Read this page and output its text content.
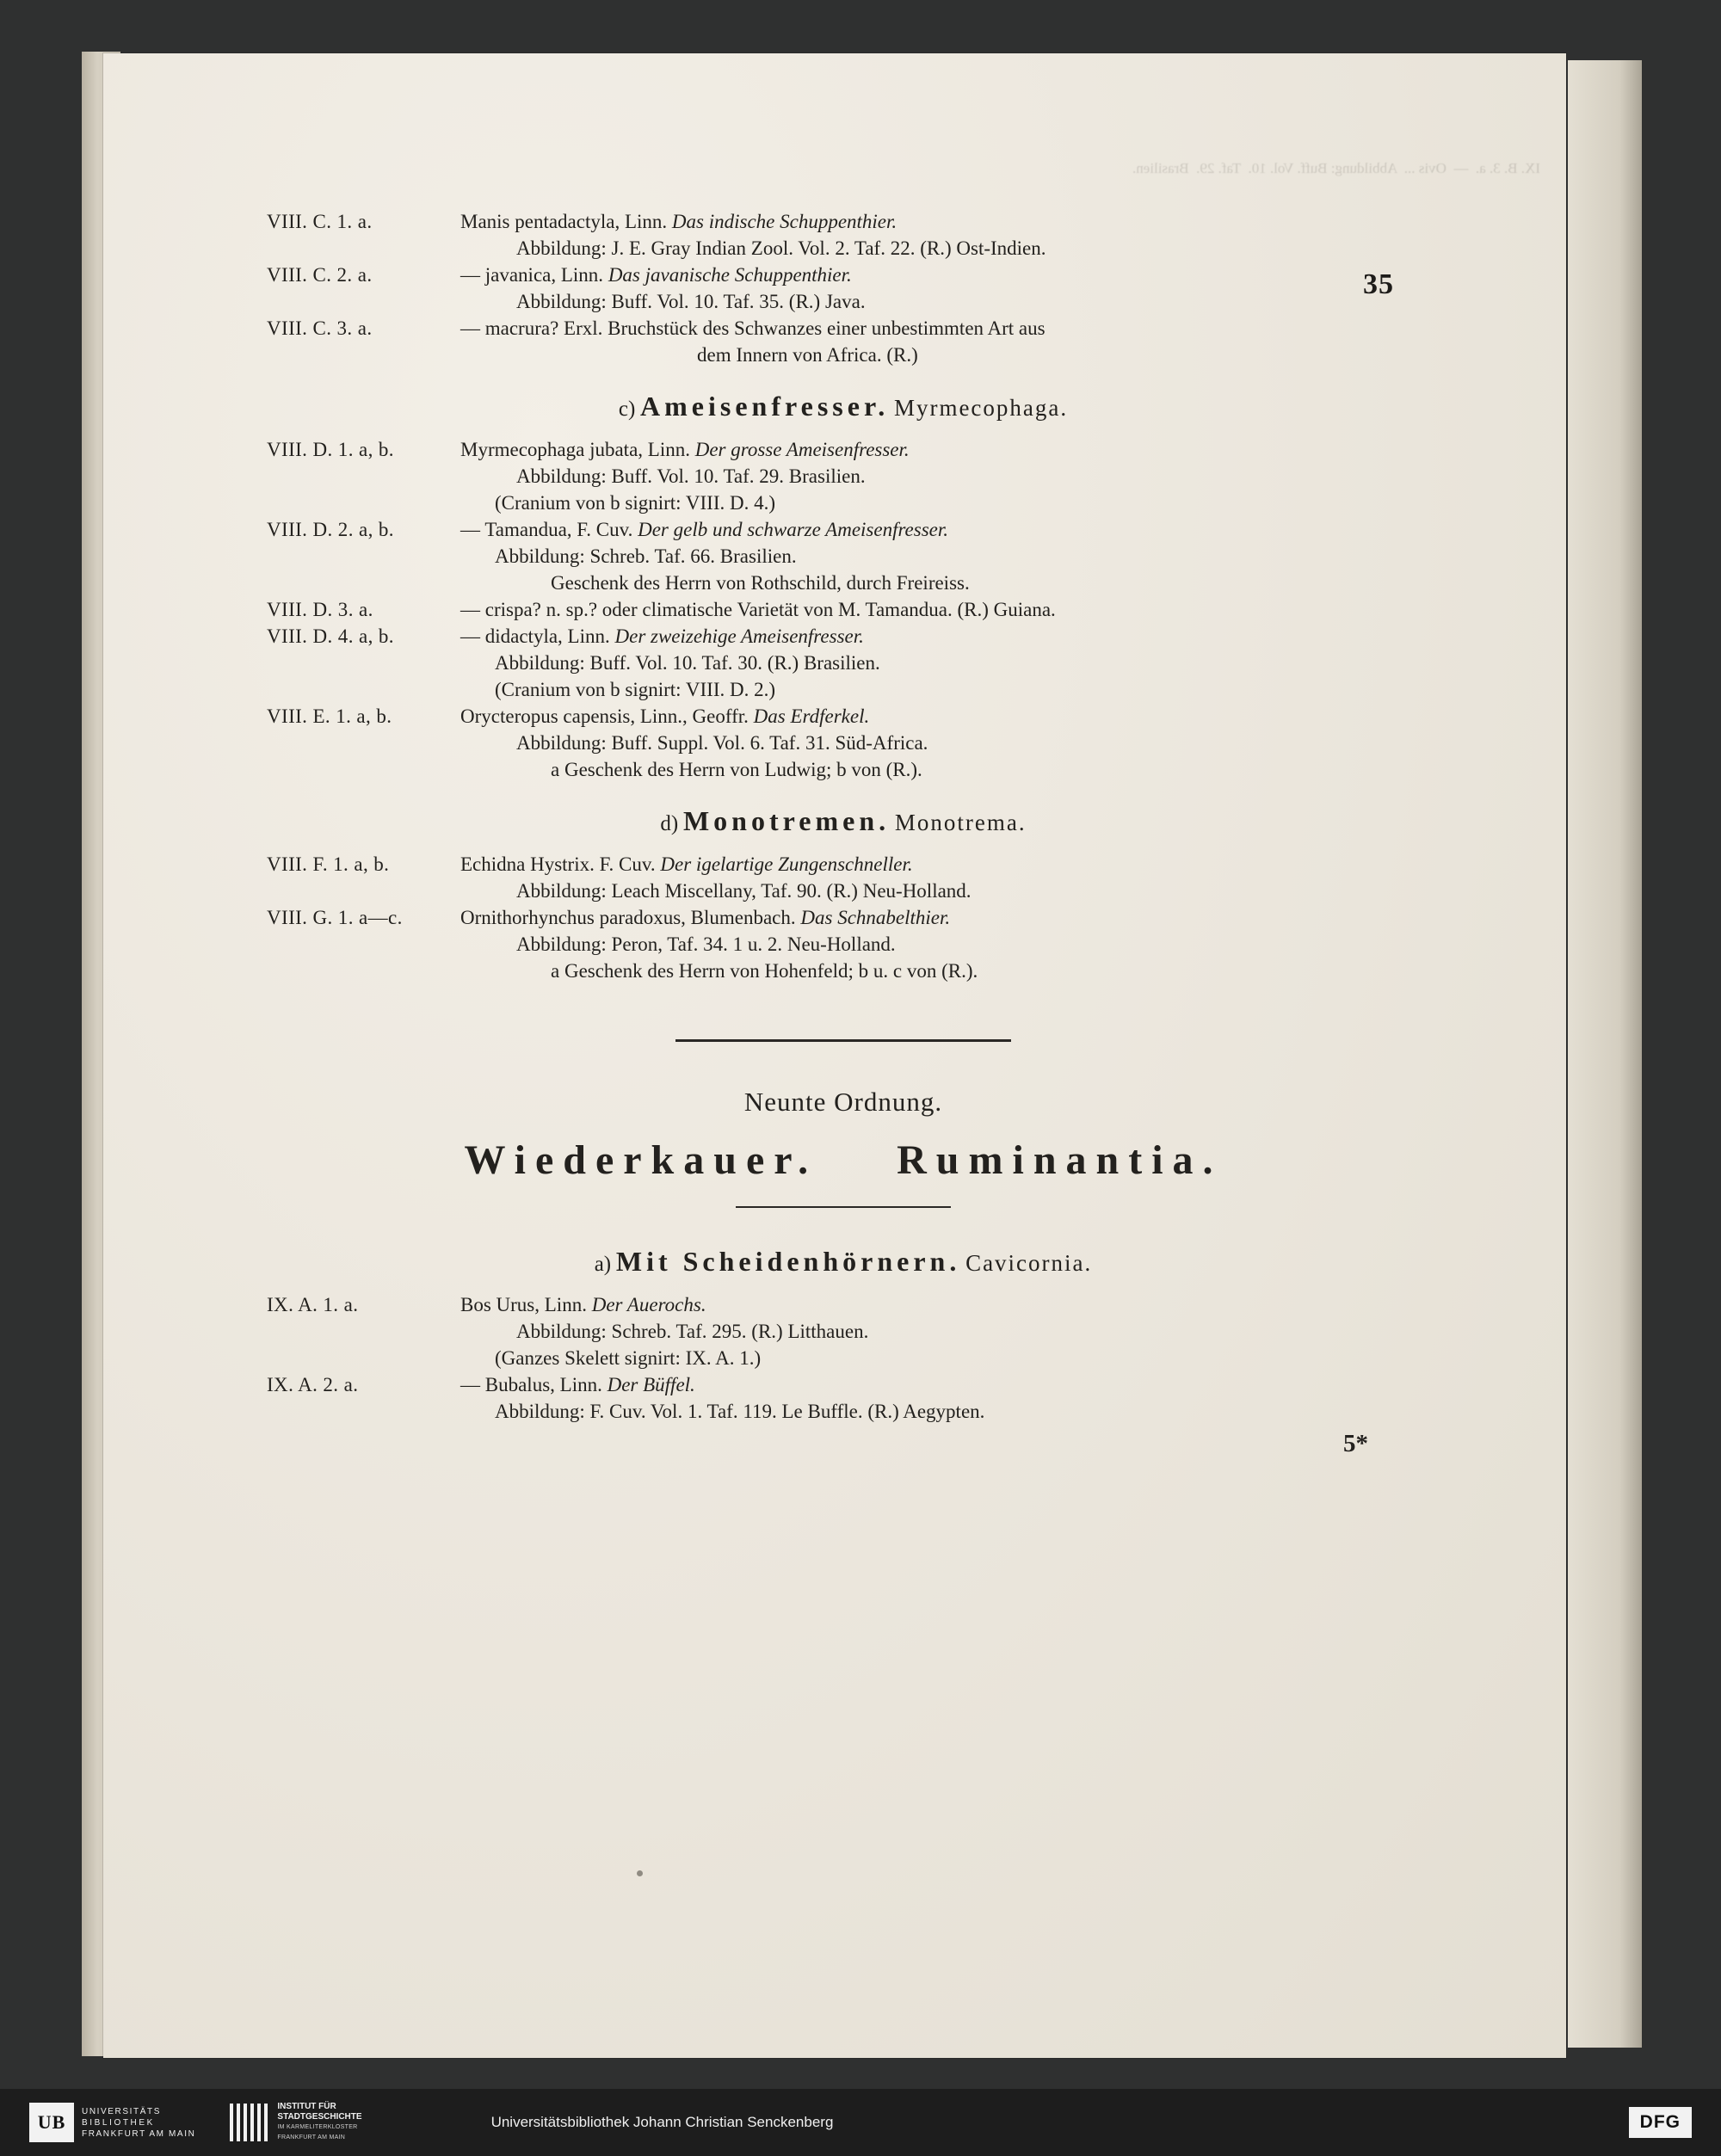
IX. B. 3. a.  —  Ovis ...  Abbildung: Buff. Vol. 10.  Taf. 29.  Brasilien.
35
VIII. C. 1. a.	Manis pentadactyla, Linn. Das indische Schuppenthier.
Abbildung: J. E. Gray Indian Zool. Vol. 2. Taf. 22. (R.) Ost-Indien.
VIII. C. 2. a.	— javanica, Linn. Das javanische Schuppenthier.
Abbildung: Buff. Vol. 10. Taf. 35. (R.) Java.
VIII. C. 3. a.	— macrura? Erxl. Bruchstück des Schwanzes einer unbestimmten Art aus
dem Innern von Africa. (R.)
c) Ameisenfresser. Myrmecophaga.
VIII. D. 1. a, b.	Myrmecophaga jubata, Linn. Der grosse Ameisenfresser.
Abbildung: Buff. Vol. 10. Taf. 29. Brasilien.
(Cranium von b signirt: VIII. D. 4.)
VIII. D. 2. a, b.	— Tamandua, F. Cuv. Der gelb und schwarze Ameisenfresser.
Abbildung: Schreb. Taf. 66. Brasilien.
Geschenk des Herrn von Rothschild, durch Freireiss.
VIII. D. 3. a.	— crispa? n. sp.? oder climatische Varietät von M. Tamandua. (R.) Guiana.
VIII. D. 4. a, b.	— didactyla, Linn. Der zweizehige Ameisenfresser.
Abbildung: Buff. Vol. 10. Taf. 30. (R.) Brasilien.
(Cranium von b signirt: VIII. D. 2.)
VIII. E. 1. a, b.	Orycteropus capensis, Linn., Geoffr. Das Erdferkel.
Abbildung: Buff. Suppl. Vol. 6. Taf. 31. Süd-Africa.
a Geschenk des Herrn von Ludwig; b von (R.).
d) Monotremen. Monotrema.
VIII. F. 1. a, b.	Echidna Hystrix. F. Cuv. Der igelartige Zungenschneller.
Abbildung: Leach Miscellany, Taf. 90. (R.) Neu-Holland.
VIII. G. 1. a—c.	Ornithorhynchus paradoxus, Blumenbach. Das Schnabelthier.
Abbildung: Peron, Taf. 34. 1 u. 2. Neu-Holland.
a Geschenk des Herrn von Hohenfeld; b u. c von (R.).
Neunte Ordnung.
Wiederkauer. Ruminantia.
a) Mit Scheidenhörnern. Cavicornia.
IX. A. 1. a.	Bos Urus, Linn. Der Auerochs.
Abbildung: Schreb. Taf. 295. (R.) Litthauen.
(Ganzes Skelett signirt: IX. A. 1.)
IX. A. 2. a.	— Bubalus, Linn. Der Büffel.
Abbildung: F. Cuv. Vol. 1. Taf. 119. Le Buffle. (R.) Aegypten.
5*
UB	UNIVERSITÄTS
BIBLIOTHEK
FRANKFURT AM MAIN
INSTITUT FÜR
STADTGESCHICHTE
IM KARMELITERKLOSTER
FRANKFURT AM MAIN
Universitätsbibliothek Johann Christian Senckenberg	DFG
